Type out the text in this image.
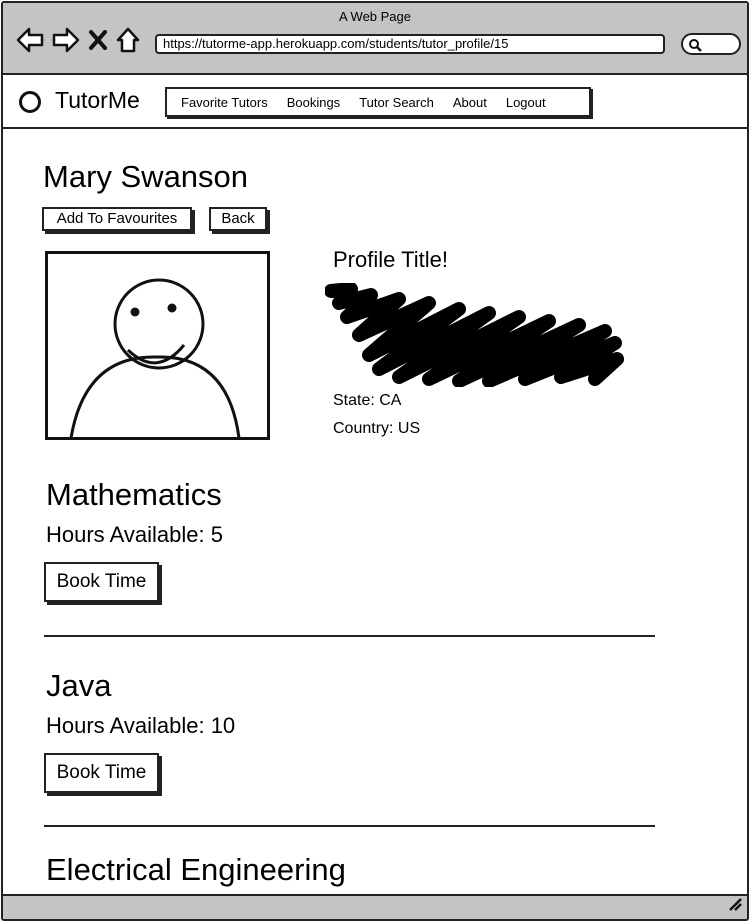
A Web Page
https://tutorme-app.herokuapp.com/students/tutor_profile/15
TutorMe	Favorite Tutors Bookings Tutor Search About Logout
Mary Swanson
Add To Favourites	Back
Profile Title!
State: CA
Country: US
Mathematics
Hours Available: 5
Book Time
Java
Hours Available: 10
Book Time
Electrical Engineering
